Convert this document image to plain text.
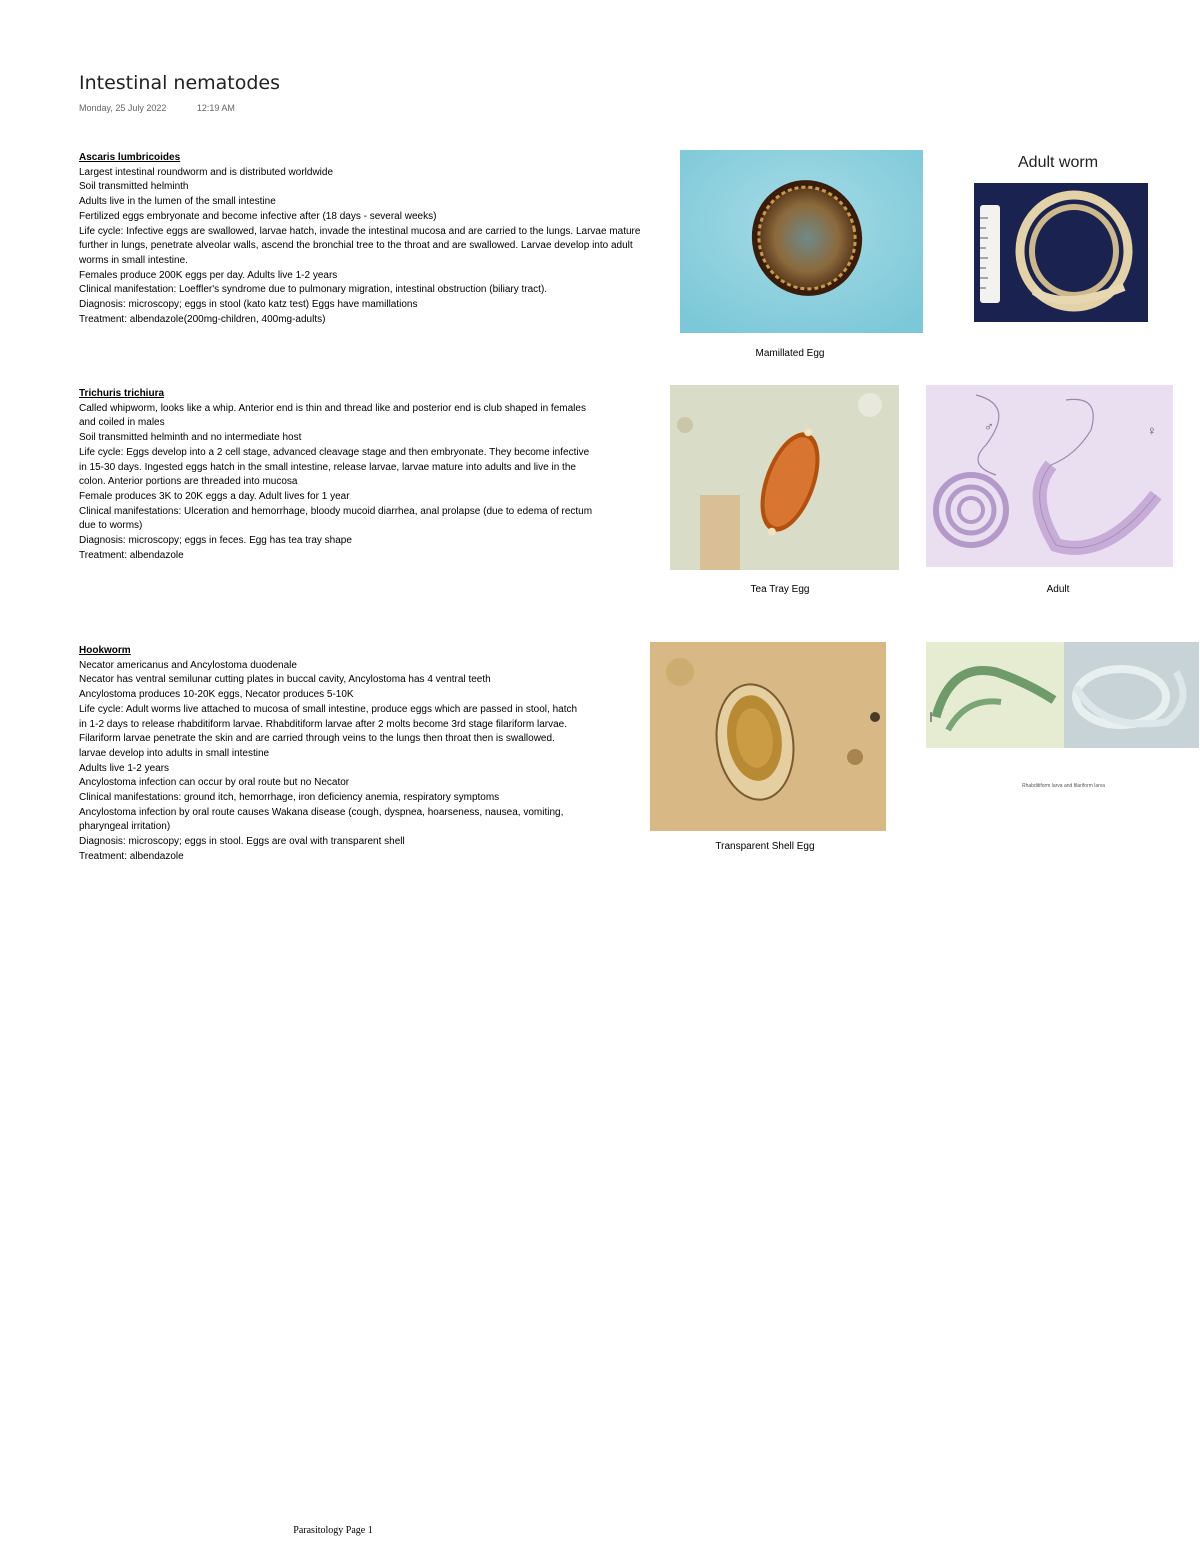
Intestinal nematodes
Monday, 25 July 2022	12:19 AM
Ascaris lumbricoides

Largest intestinal roundworm and is distributed worldwide

Soil transmitted helminth

Adults live in the lumen of the small intestine

Fertilized eggs embryonate and become infective after (18 days - several weeks)

Life cycle: Infective eggs are swallowed, larvae hatch, invade the intestinal mucosa and are carried to the lungs. Larvae mature further in lungs, penetrate alveolar walls, ascend the bronchial tree to the throat and are swallowed. Larvae develop into adult worms in small intestine.

Females produce 200K eggs per day. Adults live 1-2 years

Clinical manifestation: Loeffler's syndrome due to pulmonary migration, intestinal obstruction (biliary tract).

Diagnosis: microscopy; eggs in stool (kato katz test) Eggs have mamillations

Treatment: albendazole(200mg-children, 400mg-adults)

Mamillated Egg
Adult worm
Trichuris trichiura

Called whipworm, looks like a whip. Anterior end is thin and thread like and posterior end is club shaped in females and coiled in males

Soil transmitted helminth and no intermediate host

Life cycle: Eggs develop into a 2 cell stage, advanced cleavage stage and then embryonate. They become infective in 15-30 days. Ingested eggs hatch in the small intestine, release larvae, larvae mature into adults and live in the colon. Anterior portions are threaded into mucosa

Female produces 3K to 20K eggs a day. Adult lives for 1 year

Clinical manifestations: Ulceration and hemorrhage, bloody mucoid diarrhea, anal prolapse (due to edema of rectum due to worms)

Diagnosis: microscopy; eggs in feces. Egg has tea tray shape

Treatment: albendazole

Tea Tray Egg
♂	♀
Adult
Hookworm

Necator americanus and Ancylostoma duodenale

Necator has ventral semilunar cutting plates in buccal cavity, Ancylostoma has 4 ventral teeth

Ancylostoma produces 10-20K eggs, Necator produces 5-10K

Life cycle: Adult worms live attached to mucosa of small intestine, produce eggs which are passed in stool, hatch in 1-2 days to release rhabditiform larvae. Rhabditiform larvae after 2 molts become 3rd stage filariform larvae. Filariform larvae penetrate the skin and are carried through veins to the lungs then throat then is swallowed. larvae develop into adults in small intestine

Adults live 1-2 years

Ancylostoma infection can occur by oral route but no Necator

Clinical manifestations: ground itch, hemorrhage, iron deficiency anemia, respiratory symptoms

Ancylostoma infection by oral route causes Wakana disease (cough, dyspnea, hoarseness, nausea, vomiting, pharyngeal irritation)

Diagnosis: microscopy; eggs in stool. Eggs are oval with transparent shell

Treatment: albendazole

Transparent Shell Egg
Rhabditiform larva and filariform larva
Parasitology Page 1
